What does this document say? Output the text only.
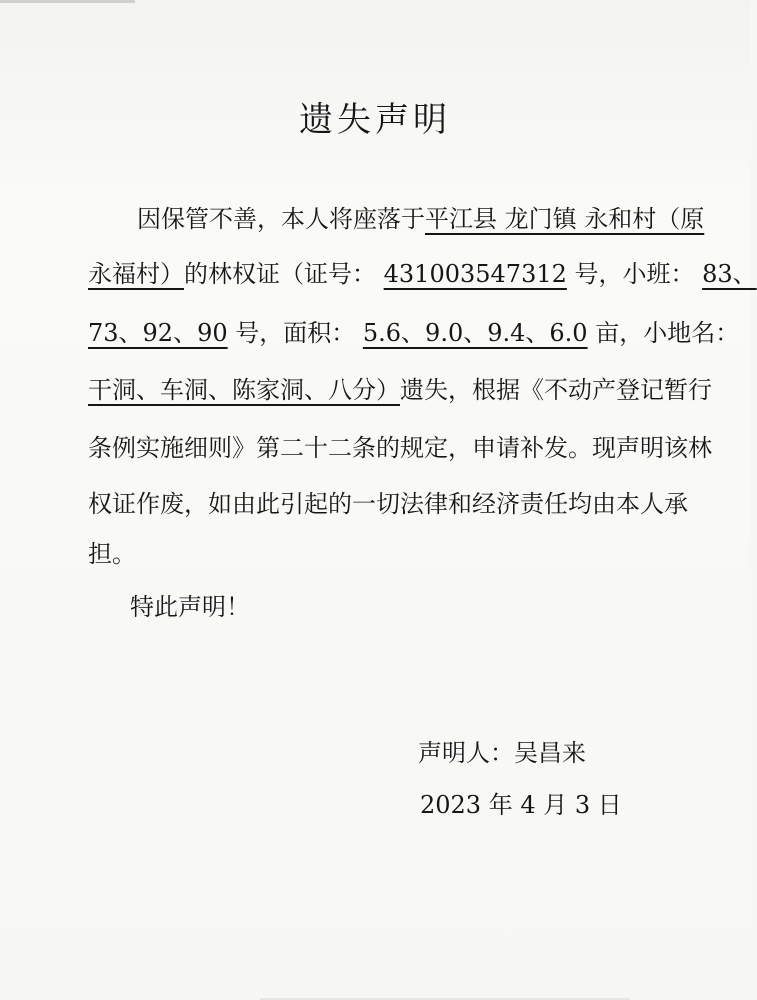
遗失声明
因保管不善，本人将座落于平江县 龙门镇 永和村（原
永福村）的林权证（证号： 431003547312 号，小班： 83、
73、92、90 号，面积： 5.6、9.0、9.4、6.0 亩，小地名：
干洞、车洞、陈家洞、八分）遗失，根据《不动产登记暂行
条例实施细则》第二十二条的规定，申请补发。现声明该林
权证作废，如由此引起的一切法律和经济责任均由本人承
担。
特此声明！
声明人：吴昌来
2023 年 4 月 3 日
